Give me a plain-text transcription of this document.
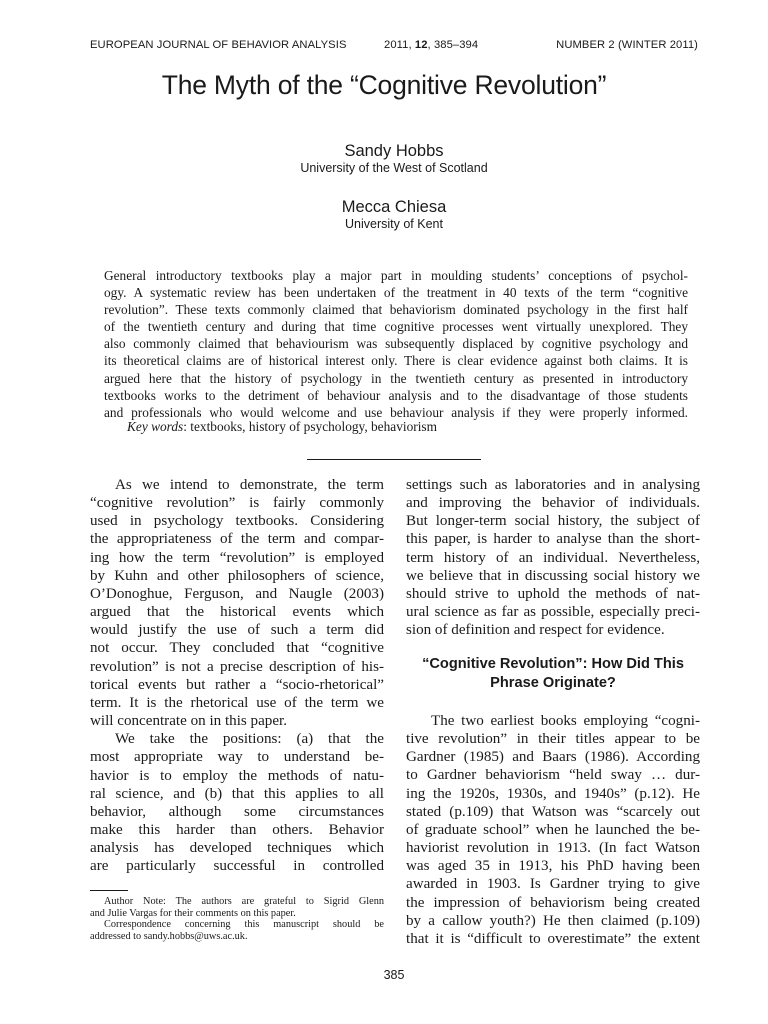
EUROPEAN JOURNAL OF BEHAVIOR ANALYSIS	2011, 12, 385–394	NUMBER 2 (WINTER 2011)
The Myth of the “Cognitive Revolution”
Sandy Hobbs
University of the West of Scotland
Mecca Chiesa
University of Kent

General introductory textbooks play a major part in moulding students’ conceptions of psychol-
ogy. A systematic review has been undertaken of the treatment in 40 texts of the term “cognitive
revolution”. These texts commonly claimed that behaviorism dominated psychology in the first half
of the twentieth century and during that time cognitive processes went virtually unexplored. They
also commonly claimed that behaviourism was subsequently displaced by cognitive psychology and
its theoretical claims are of historical interest only. There is clear evidence against both claims. It is
argued here that the history of psychology in the twentieth century as presented in introductory
textbooks works to the detriment of behaviour analysis and to the disadvantage of those students
and professionals who would welcome and use behaviour analysis if they were properly informed.

Key words: textbooks, history of psychology, behaviorism
As we intend to demonstrate, the term
“cognitive revolution” is fairly commonly
used in psychology textbooks. Considering
the appropriateness of the term and compar-
ing how the term “revolution” is employed
by Kuhn and other philosophers of science,
O’Donoghue, Ferguson, and Naugle (2003)
argued that the historical events which
would justify the use of such a term did
not occur. They concluded that “cognitive
revolution” is not a precise description of his-
torical events but rather a “socio-rhetorical”
term. It is the rhetorical use of the term we
will concentrate on in this paper.
We take the positions: (a) that the
most appropriate way to understand be-
havior is to employ the methods of natu-
ral science, and (b) that this applies to all
behavior, although some circumstances
make this harder than others. Behavior
analysis has developed techniques which
are particularly successful in controlled
settings such as laboratories and in analysing
and improving the behavior of individuals.
But longer-term social history, the subject of
this paper, is harder to analyse than the short-
term history of an individual. Nevertheless,
we believe that in discussing social history we
should strive to uphold the methods of nat-
ural science as far as possible, especially preci-
sion of definition and respect for evidence.
“Cognitive Revolution”: How Did This
Phrase Originate?
The two earliest books employing “cogni-
tive revolution” in their titles appear to be
Gardner (1985) and Baars (1986). According
to Gardner behaviorism “held sway … dur-
ing the 1920s, 1930s, and 1940s” (p.12). He
stated (p.109) that Watson was “scarcely out
of graduate school” when he launched the be-
haviorist revolution in 1913. (In fact Watson
was aged 35 in 1913, his PhD having been
awarded in 1903. Is Gardner trying to give
the impression of behaviorism being created
by a callow youth?) He then claimed (p.109)
that it is “difficult to overestimate” the extent
Author Note: The authors are grateful to Sigrid Glenn
and Julie Vargas for their comments on this paper.
Correspondence concerning this manuscript should be
addressed to sandy.hobbs@uws.ac.uk.
385
